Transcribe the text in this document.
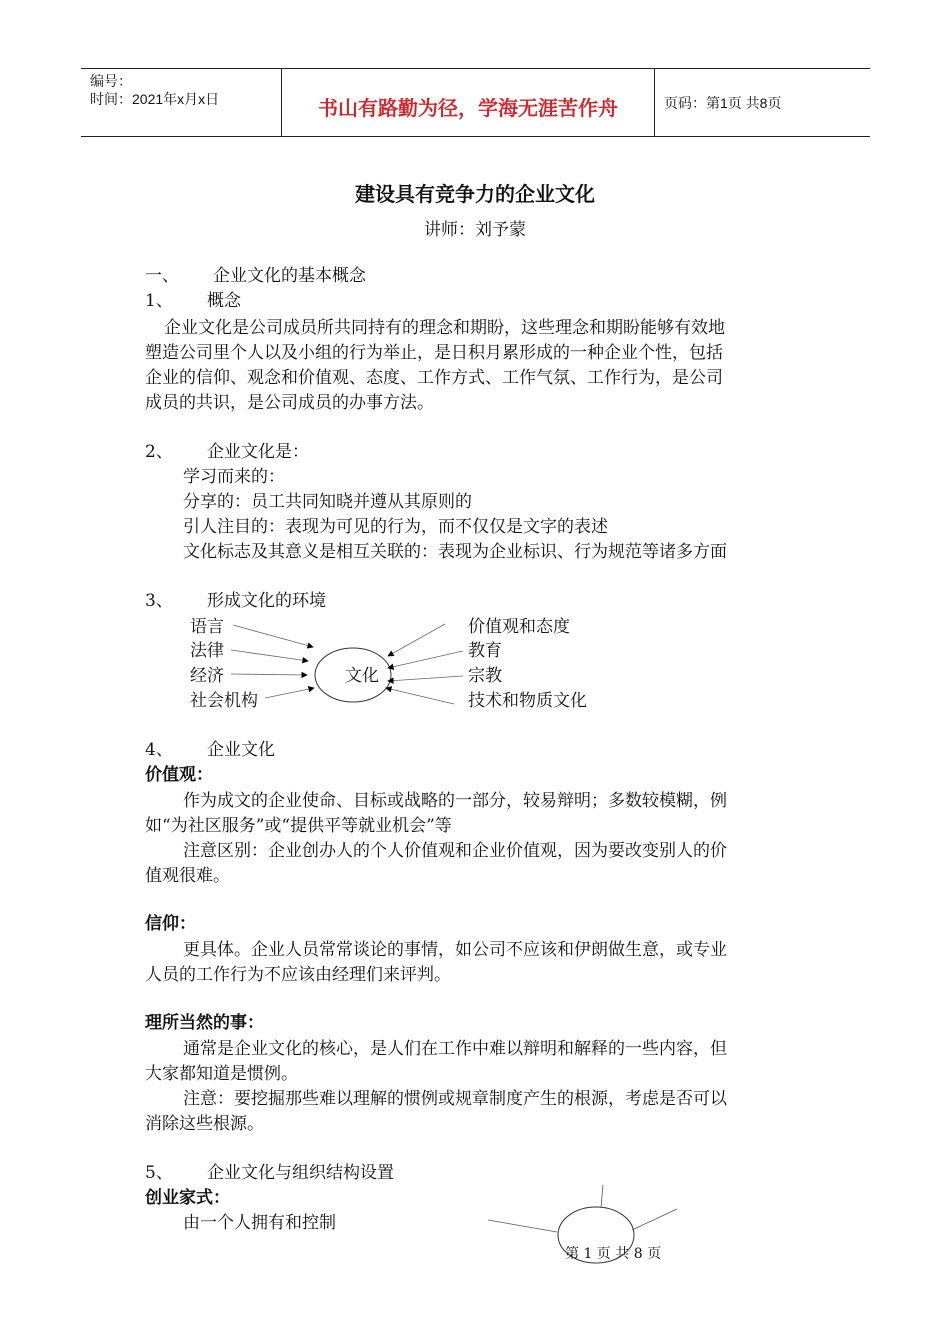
编号：
时间：2021年x月x日	书山有路勤为径，学海无涯苦作舟	页码：第1页 共8页
建设具有竞争力的企业文化
讲师：刘予蒙
一、 企业文化的基本概念
1、 概念
企业文化是公司成员所共同持有的理念和期盼，这些理念和期盼能够有效地
塑造公司里个人以及小组的行为举止，是日积月累形成的一种企业个性，包括
企业的信仰、观念和价值观、态度、工作方式、工作气氛、工作行为，是公司
成员的共识，是公司成员的办事方法。
2、 企业文化是：
学习而来的：
分享的：员工共同知晓并遵从其原则的
引人注目的：表现为可见的行为，而不仅仅是文字的表述
文化标志及其意义是相互关联的：表现为企业标识、行为规范等诸多方面
3、 形成文化的环境
语言
法律
经济
社会机构
文化
价值观和态度
教育
宗教
技术和物质文化
4、 企业文化
价值观：
作为成文的企业使命、目标或战略的一部分，较易辩明；多数较模糊，例
如“为社区服务”或“提供平等就业机会”等
注意区别：企业创办人的个人价值观和企业价值观，因为要改变别人的价
值观很难。
信仰：
更具体。企业人员常常谈论的事情，如公司不应该和伊朗做生意，或专业
人员的工作行为不应该由经理们来评判。
理所当然的事：
通常是企业文化的核心，是人们在工作中难以辩明和解释的一些内容，但
大家都知道是惯例。
注意：要挖掘那些难以理解的惯例或规章制度产生的根源，考虑是否可以
消除这些根源。
5、 企业文化与组织结构设置
创业家式：
由一个人拥有和控制
第 1 页 共 8 页
